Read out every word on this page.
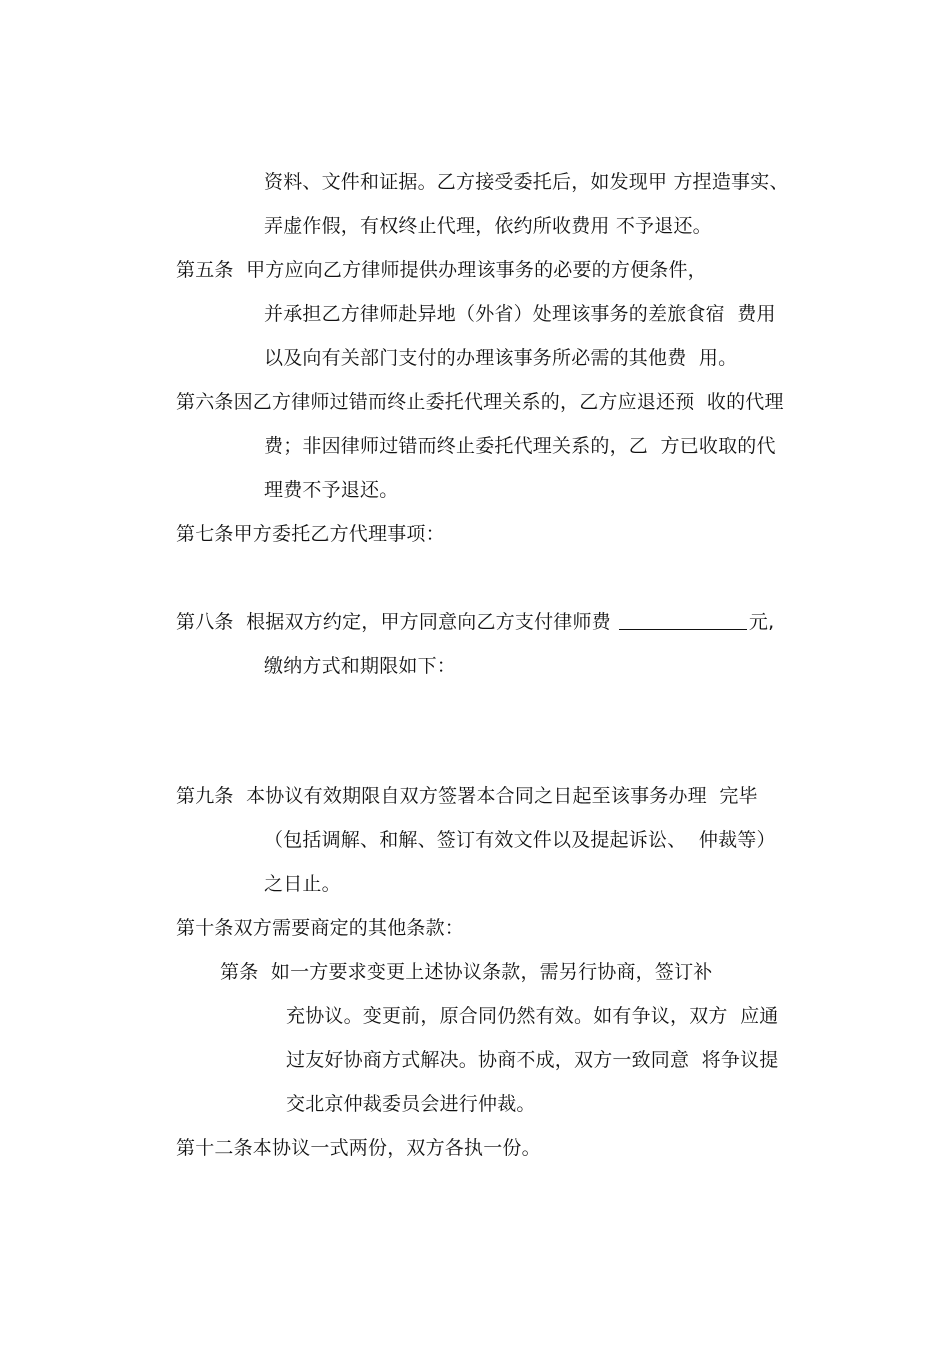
资料、文件和证据。乙方接受委托后，如发现甲 方捏造事实、
弄虚作假，有权终止代理，依约所收费用 不予退还。
第五条  甲方应向乙方律师提供办理该事务的必要的方便条件，
并承担乙方律师赴异地（外省）处理该事务的差旅食宿  费用
以及向有关部门支付的办理该事务所必需的其他费  用。
第六条因乙方律师过错而终止委托代理关系的，乙方应退还预  收的代理
费；非因律师过错而终止委托代理关系的，乙  方已收取的代
理费不予退还。
第七条甲方委托乙方代理事项：
第八条  根据双方约定，甲方同意向乙方支付律师费	元,
缴纳方式和期限如下：
第九条  本协议有效期限自双方签署本合同之日起至该事务办理  完毕
（包括调解、和解、签订有效文件以及提起诉讼、  仲裁等）
之日止。
第十条双方需要商定的其他条款：
第条  如一方要求变更上述协议条款，需另行协商，签订补
充协议。变更前，原合同仍然有效。如有争议，双方  应通
过友好协商方式解决。协商不成，双方一致同意  将争议提
交北京仲裁委员会进行仲裁。
第十二条本协议一式两份，双方各执一份。
